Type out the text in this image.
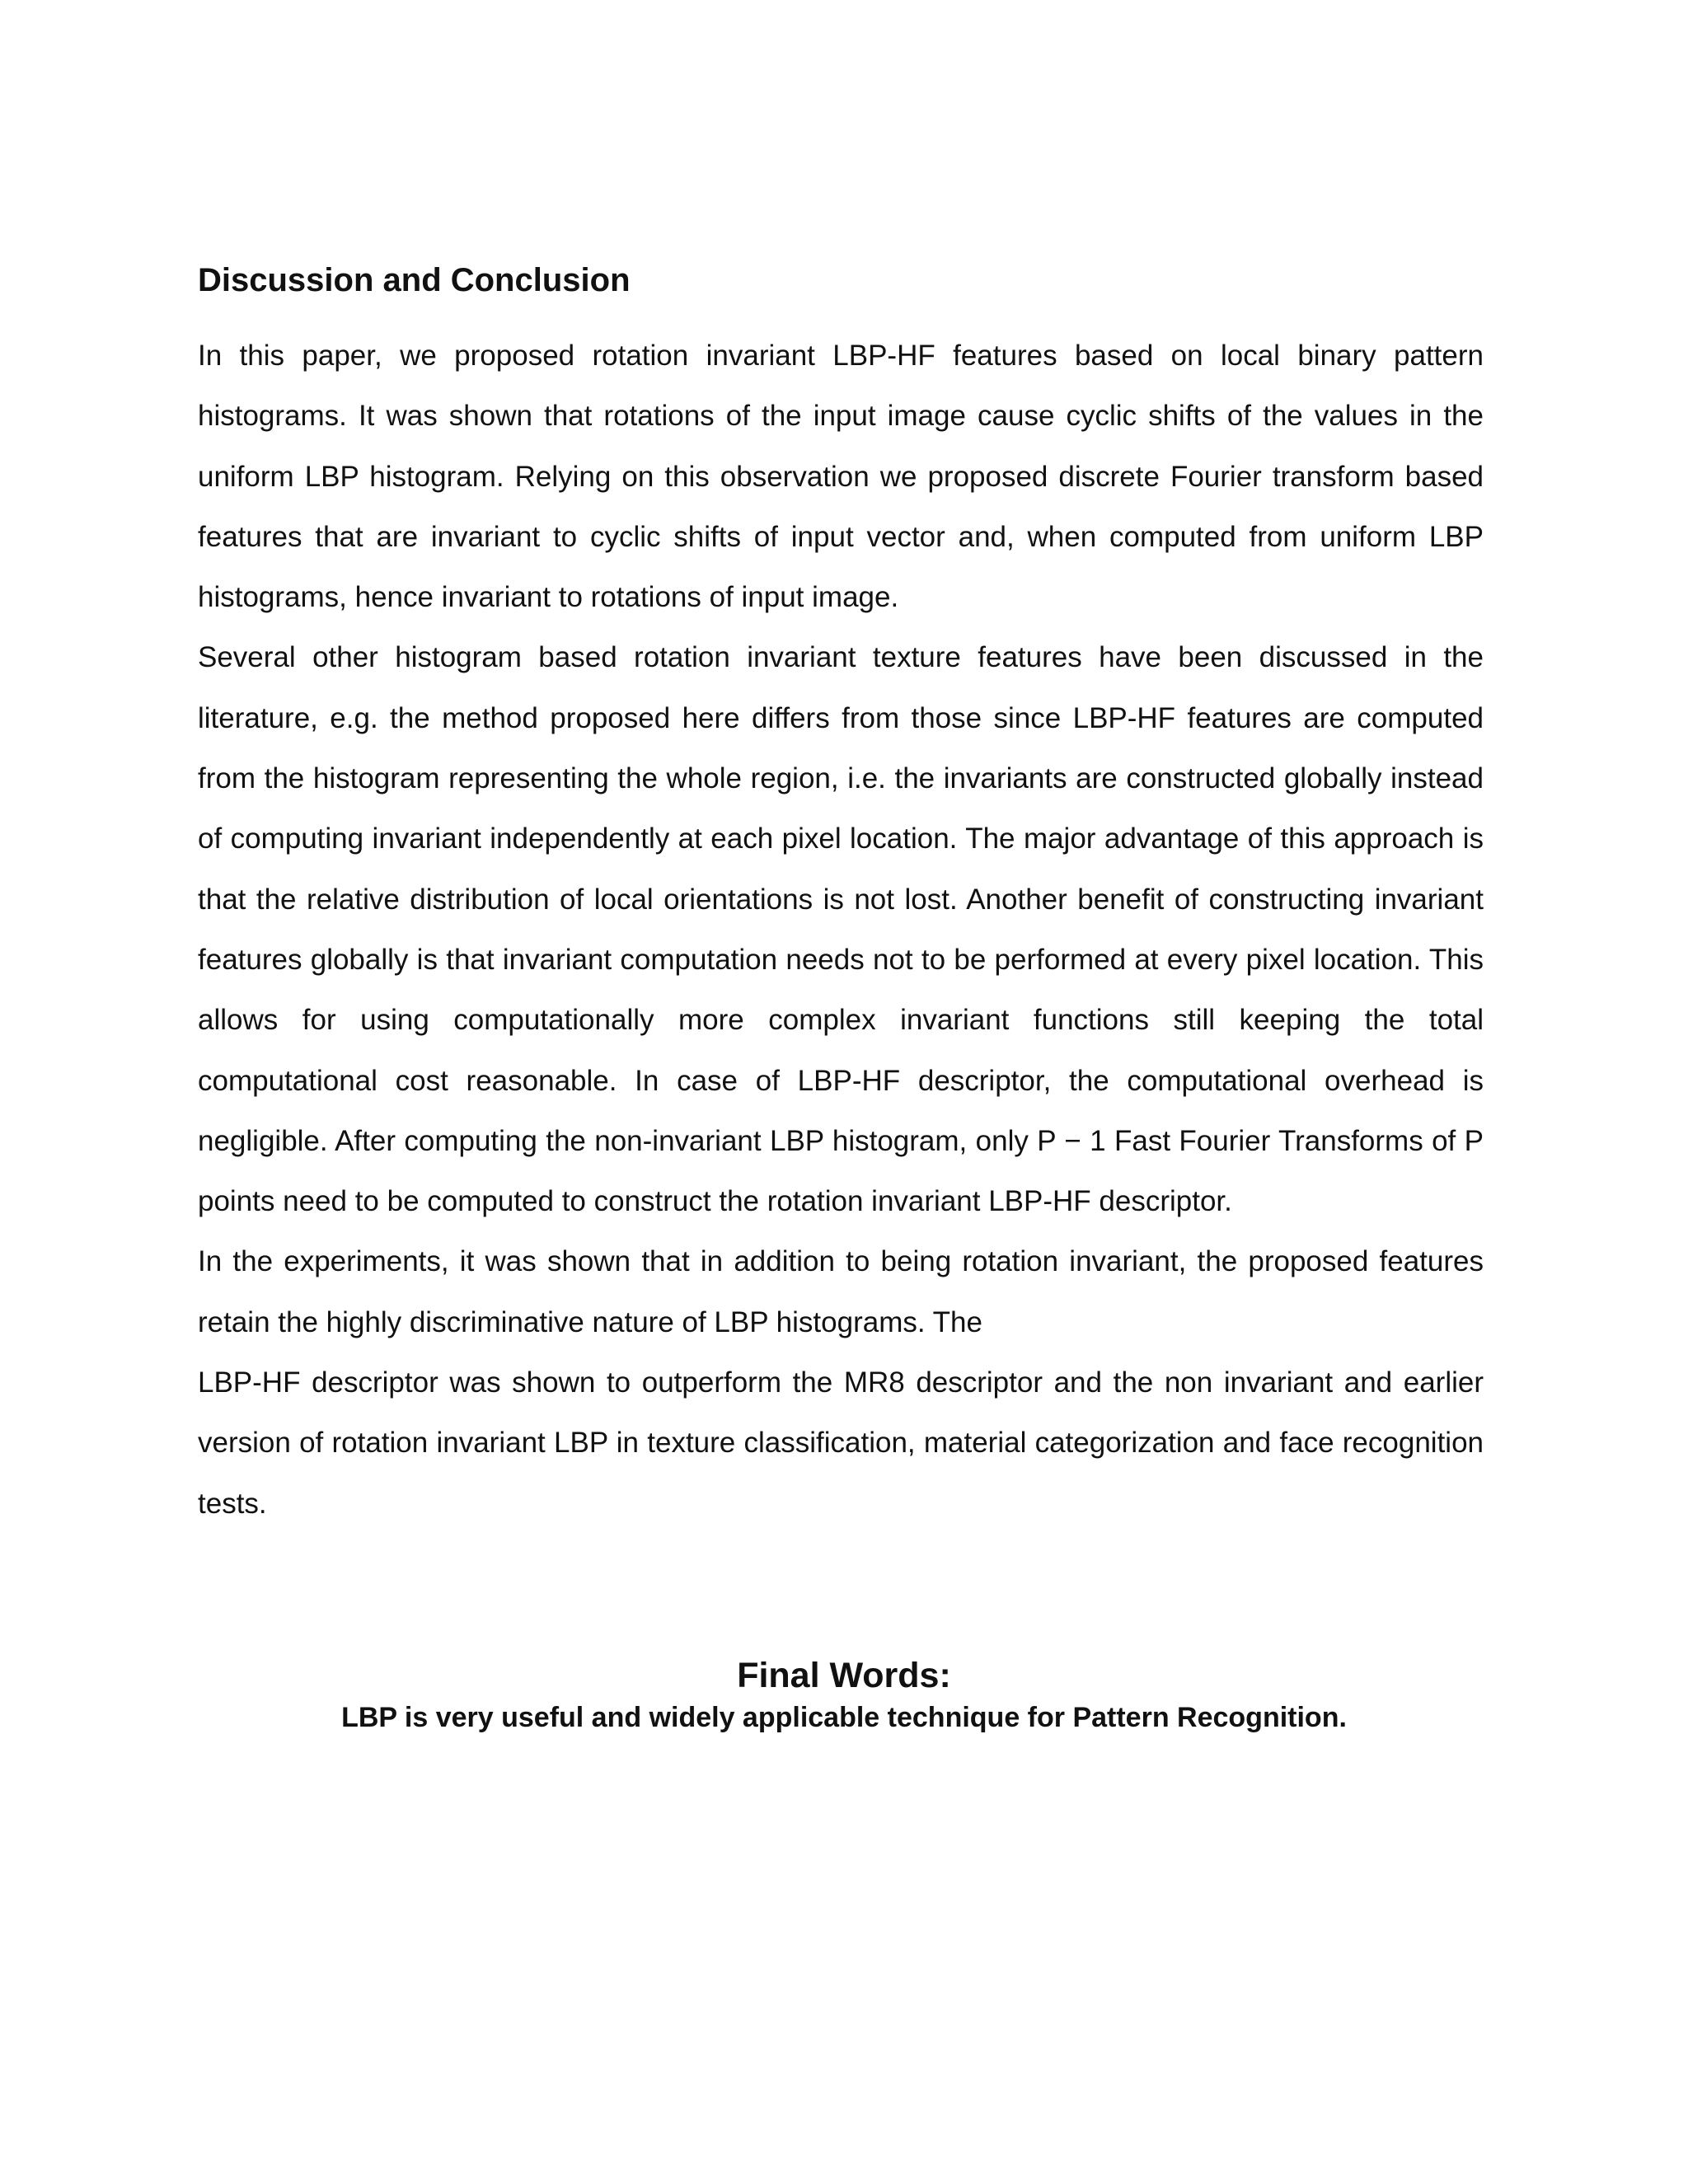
Discussion and Conclusion

In this paper, we proposed rotation invariant LBP-HF features based on local binary pattern histograms. It was shown that rotations of the input image cause cyclic shifts of the values in the uniform LBP histogram. Relying on this observation we proposed discrete Fourier transform based features that are invariant to cyclic shifts of input vector and, when computed from uniform LBP histograms, hence invariant to rotations of input image.

Several other histogram based rotation invariant texture features have been discussed in the literature, e.g. the method proposed here differs from those since LBP-HF features are computed from the histogram representing the whole region, i.e. the invariants are constructed globally instead of computing invariant independently at each pixel location. The major advantage of this approach is that the relative distribution of local orientations is not lost. Another benefit of constructing invariant features globally is that invariant computation needs not to be performed at every pixel location. This allows for using computationally more complex invariant functions still keeping the total computational cost reasonable. In case of LBP-HF descriptor, the computational overhead is negligible. After computing the non-invariant LBP histogram, only P − 1 Fast Fourier Transforms of P points need to be computed to construct the rotation invariant LBP-HF descriptor.

In the experiments, it was shown that in addition to being rotation invariant, the proposed features retain the highly discriminative nature of LBP histograms. The

LBP-HF descriptor was shown to outperform the MR8 descriptor and the non invariant and earlier version of rotation invariant LBP in texture classification, material categorization and face recognition tests.

Final Words:

LBP is very useful and widely applicable technique for Pattern Recognition.
